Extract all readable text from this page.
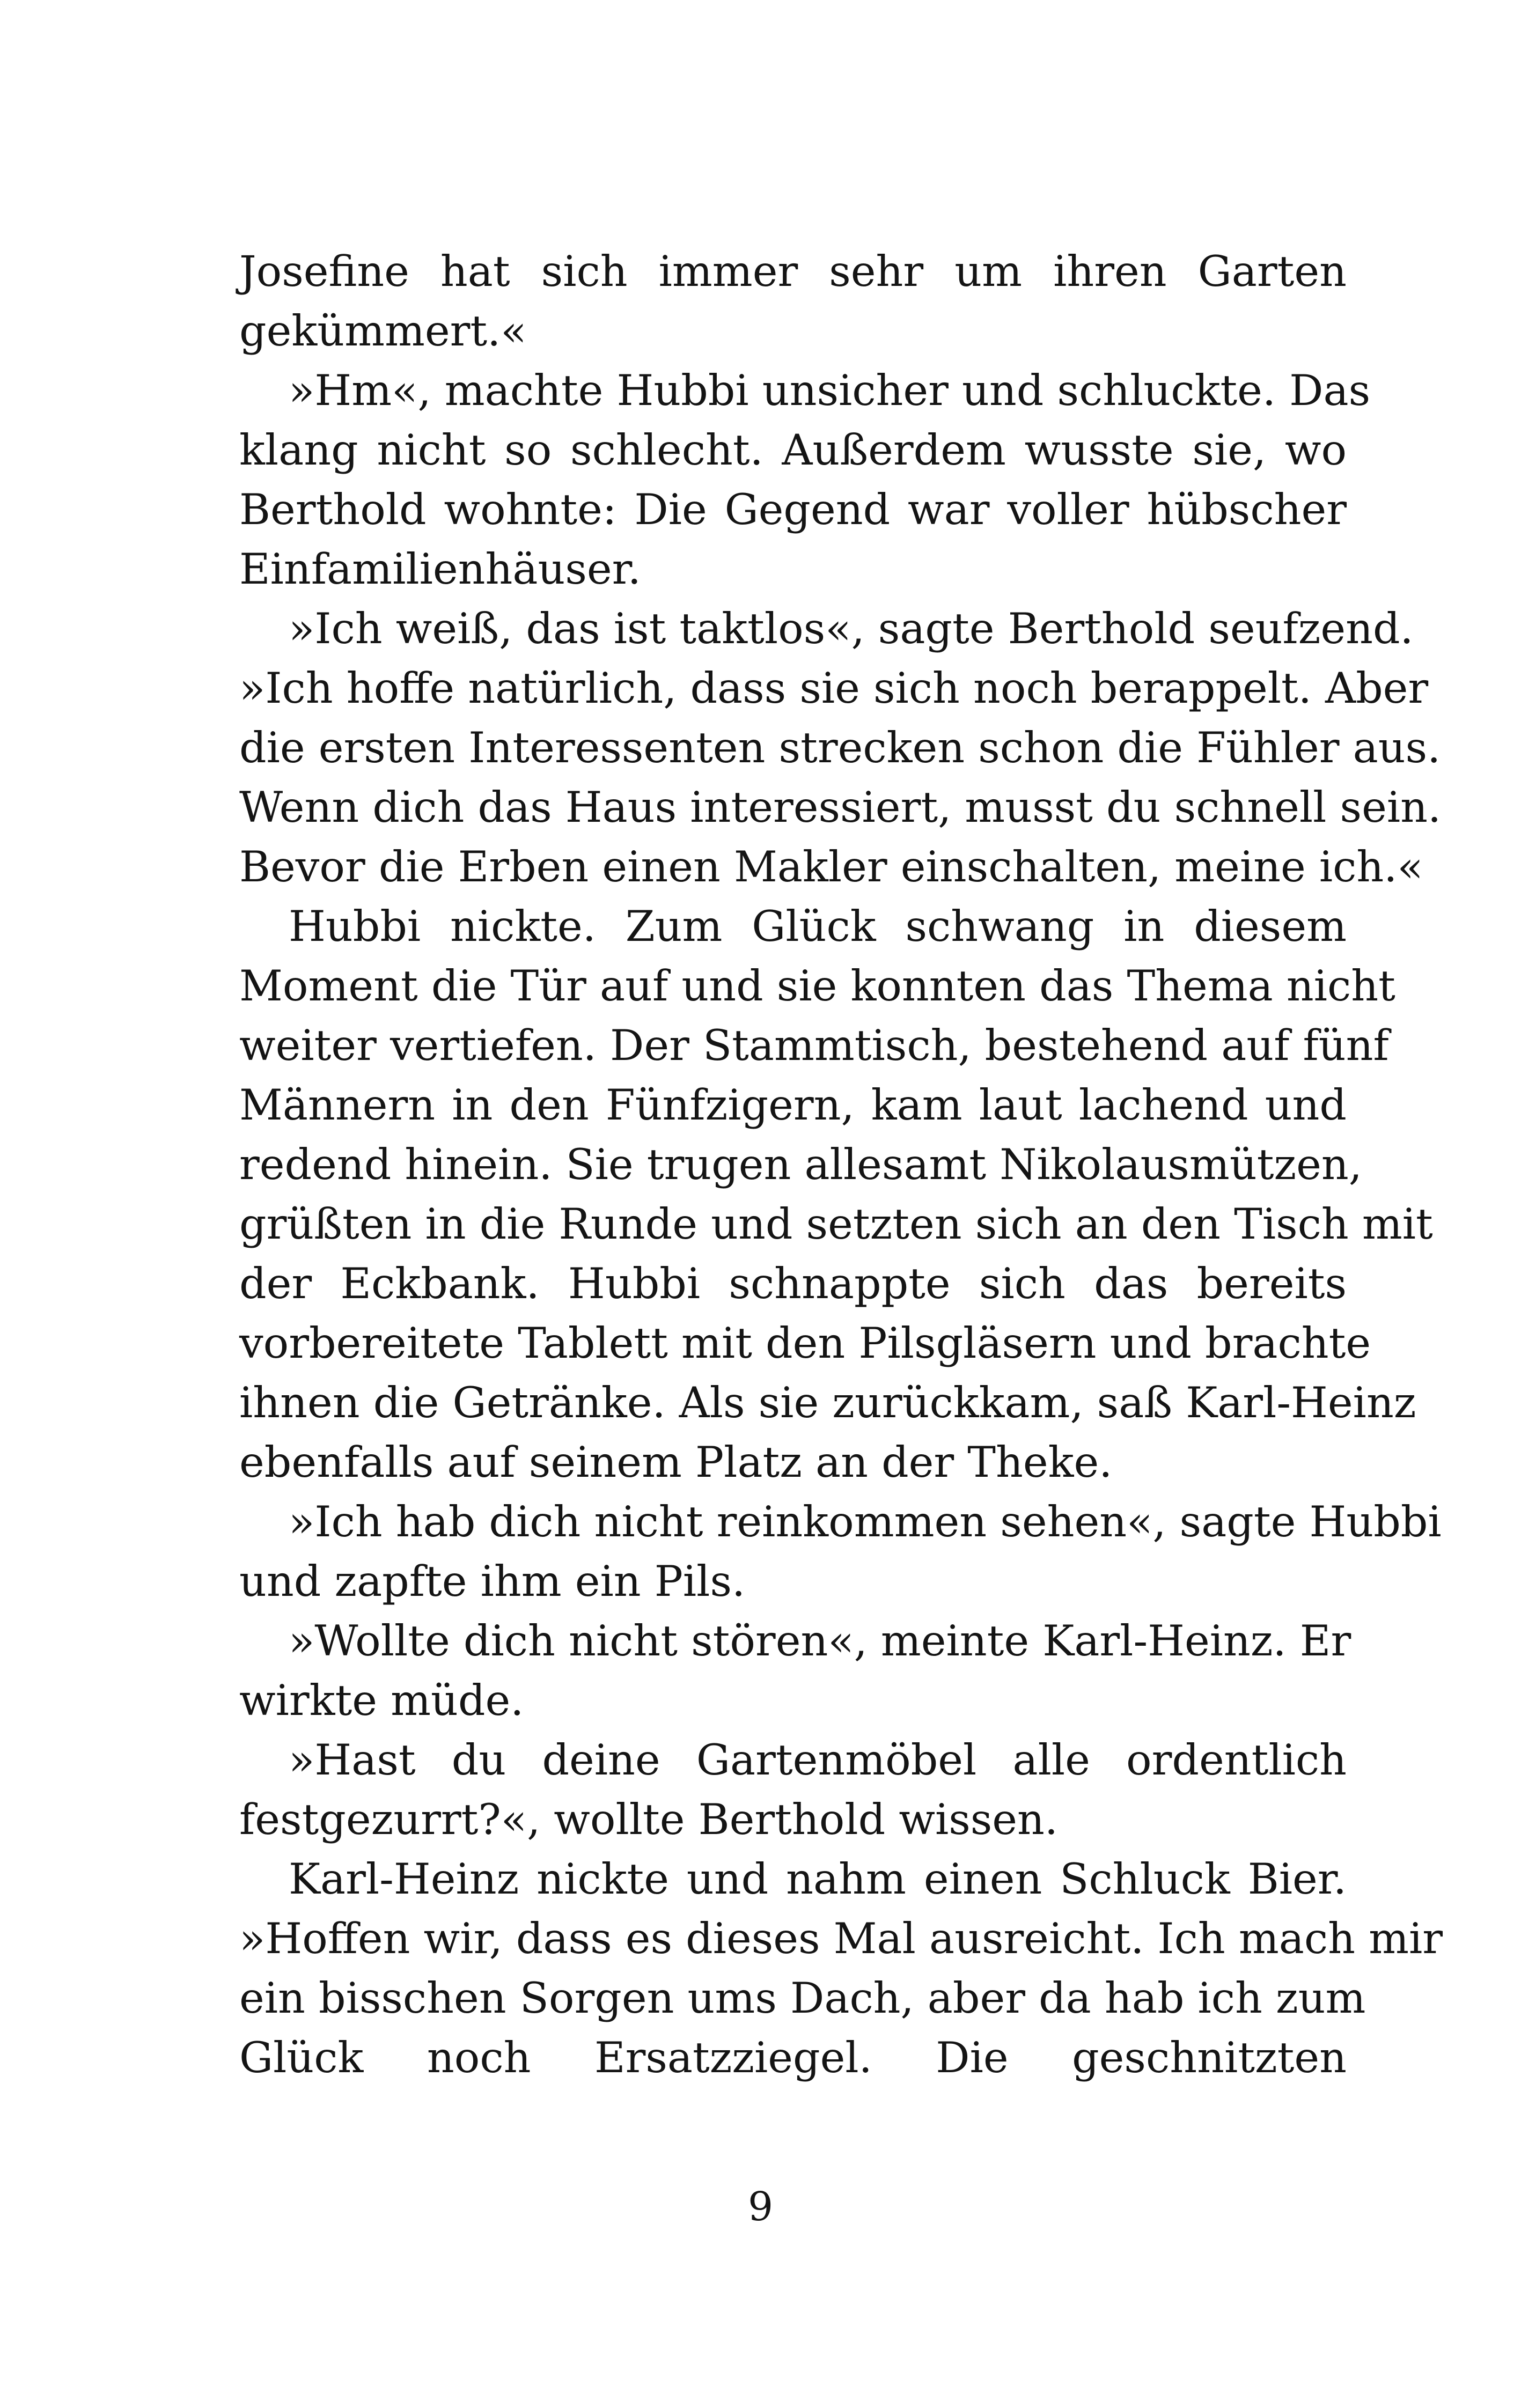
Josefine hat sich immer sehr um ihren Garten
gekümmert.«
»Hm«, machte Hubbi unsicher und schluckte. Das
klang nicht so schlecht. Außerdem wusste sie, wo
Berthold wohnte: Die Gegend war voller hübscher
Einfamilienhäuser.
»Ich weiß, das ist taktlos«, sagte Berthold seufzend.
»Ich hoffe natürlich, dass sie sich noch berappelt. Aber
die ersten Interessenten strecken schon die Fühler aus.
Wenn dich das Haus interessiert, musst du schnell sein.
Bevor die Erben einen Makler einschalten, meine ich.«
Hubbi nickte. Zum Glück schwang in diesem
Moment die Tür auf und sie konnten das Thema nicht
weiter vertiefen. Der Stammtisch, bestehend auf fünf
Männern in den Fünfzigern, kam laut lachend und
redend hinein. Sie trugen allesamt Nikolausmützen,
grüßten in die Runde und setzten sich an den Tisch mit
der Eckbank. Hubbi schnappte sich das bereits
vorbereitete Tablett mit den Pilsgläsern und brachte
ihnen die Getränke. Als sie zurückkam, saß Karl-Heinz
ebenfalls auf seinem Platz an der Theke.
»Ich hab dich nicht reinkommen sehen«, sagte Hubbi
und zapfte ihm ein Pils.
»Wollte dich nicht stören«, meinte Karl-Heinz. Er
wirkte müde.
»Hast du deine Gartenmöbel alle ordentlich
festgezurrt?«, wollte Berthold wissen.
Karl-Heinz nickte und nahm einen Schluck Bier.
»Hoffen wir, dass es dieses Mal ausreicht. Ich mach mir
ein bisschen Sorgen ums Dach, aber da hab ich zum
Glück noch Ersatzziegel. Die geschnitzten
9
